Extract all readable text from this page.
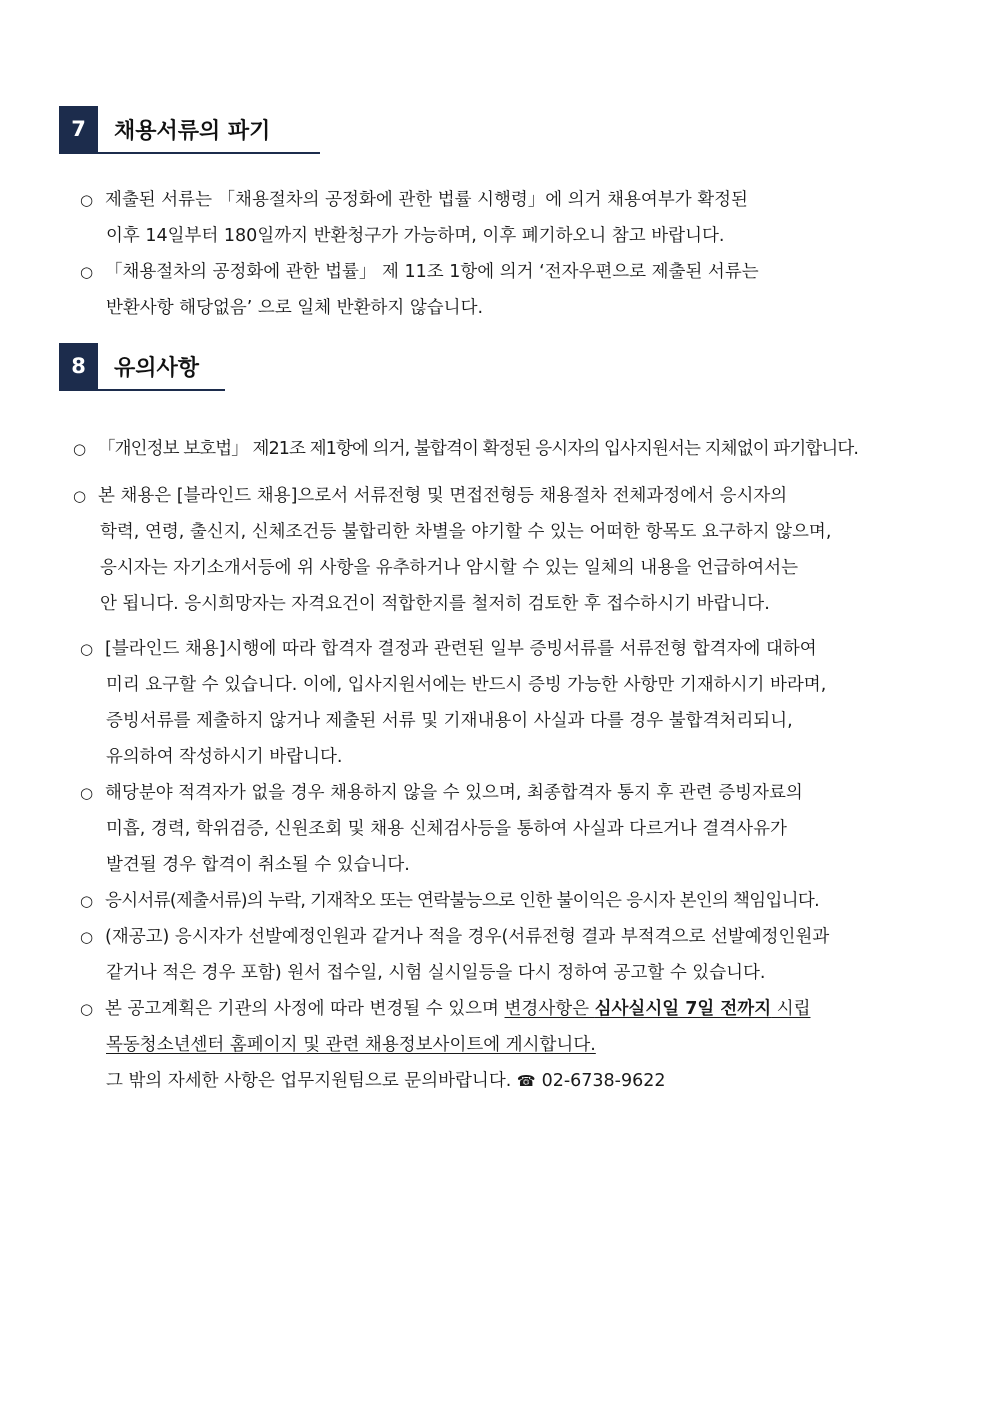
7	채용서류의 파기
○ 제출된 서류는 「채용절차의 공정화에 관한 법률 시행령」에 의거 채용여부가 확정된
이후 14일부터 180일까지 반환청구가 가능하며, 이후 폐기하오니 참고 바랍니다.
○ 「채용절차의 공정화에 관한 법률」 제 11조 1항에 의거 ‘전자우편으로 제출된 서류는
반환사항 해당없음’ 으로 일체 반환하지 않습니다.
8	유의사항
○ 「개인정보 보호법」 제21조 제1항에 의거, 불합격이 확정된 응시자의 입사지원서는 지체없이 파기합니다.
○ 본 채용은 [블라인드 채용]으로서 서류전형 및 면접전형등 채용절차 전체과정에서 응시자의
학력, 연령, 출신지, 신체조건등 불합리한 차별을 야기할 수 있는 어떠한 항목도 요구하지 않으며,
응시자는 자기소개서등에 위 사항을 유추하거나 암시할 수 있는 일체의 내용을 언급하여서는
안 됩니다. 응시희망자는 자격요건이 적합한지를 철저히 검토한 후 접수하시기 바랍니다.
○ [블라인드 채용]시행에 따라 합격자 결정과 관련된 일부 증빙서류를 서류전형 합격자에 대하여
미리 요구할 수 있습니다. 이에, 입사지원서에는 반드시 증빙 가능한 사항만 기재하시기 바라며,
증빙서류를 제출하지 않거나 제출된 서류 및 기재내용이 사실과 다를 경우 불합격처리되니,
유의하여 작성하시기 바랍니다.
○ 해당분야 적격자가 없을 경우 채용하지 않을 수 있으며, 최종합격자 통지 후 관련 증빙자료의
미흡, 경력, 학위검증, 신원조회 및 채용 신체검사등을 통하여 사실과 다르거나 결격사유가
발견될 경우 합격이 취소될 수 있습니다.
○ 응시서류(제출서류)의 누락, 기재착오 또는 연락불능으로 인한 불이익은 응시자 본인의 책임입니다.
○ (재공고) 응시자가 선발예정인원과 같거나 적을 경우(서류전형 결과 부적격으로 선발예정인원과
같거나 적은 경우 포함) 원서 접수일, 시험 실시일등을 다시 정하여 공고할 수 있습니다.
○ 본 공고계획은 기관의 사정에 따라 변경될 수 있으며 변경사항은 심사실시일 7일 전까지 시립
목동청소년센터 홈페이지 및 관련 채용정보사이트에 게시합니다.
그 밖의 자세한 사항은 업무지원팀으로 문의바랍니다. ☎ 02-6738-9622
